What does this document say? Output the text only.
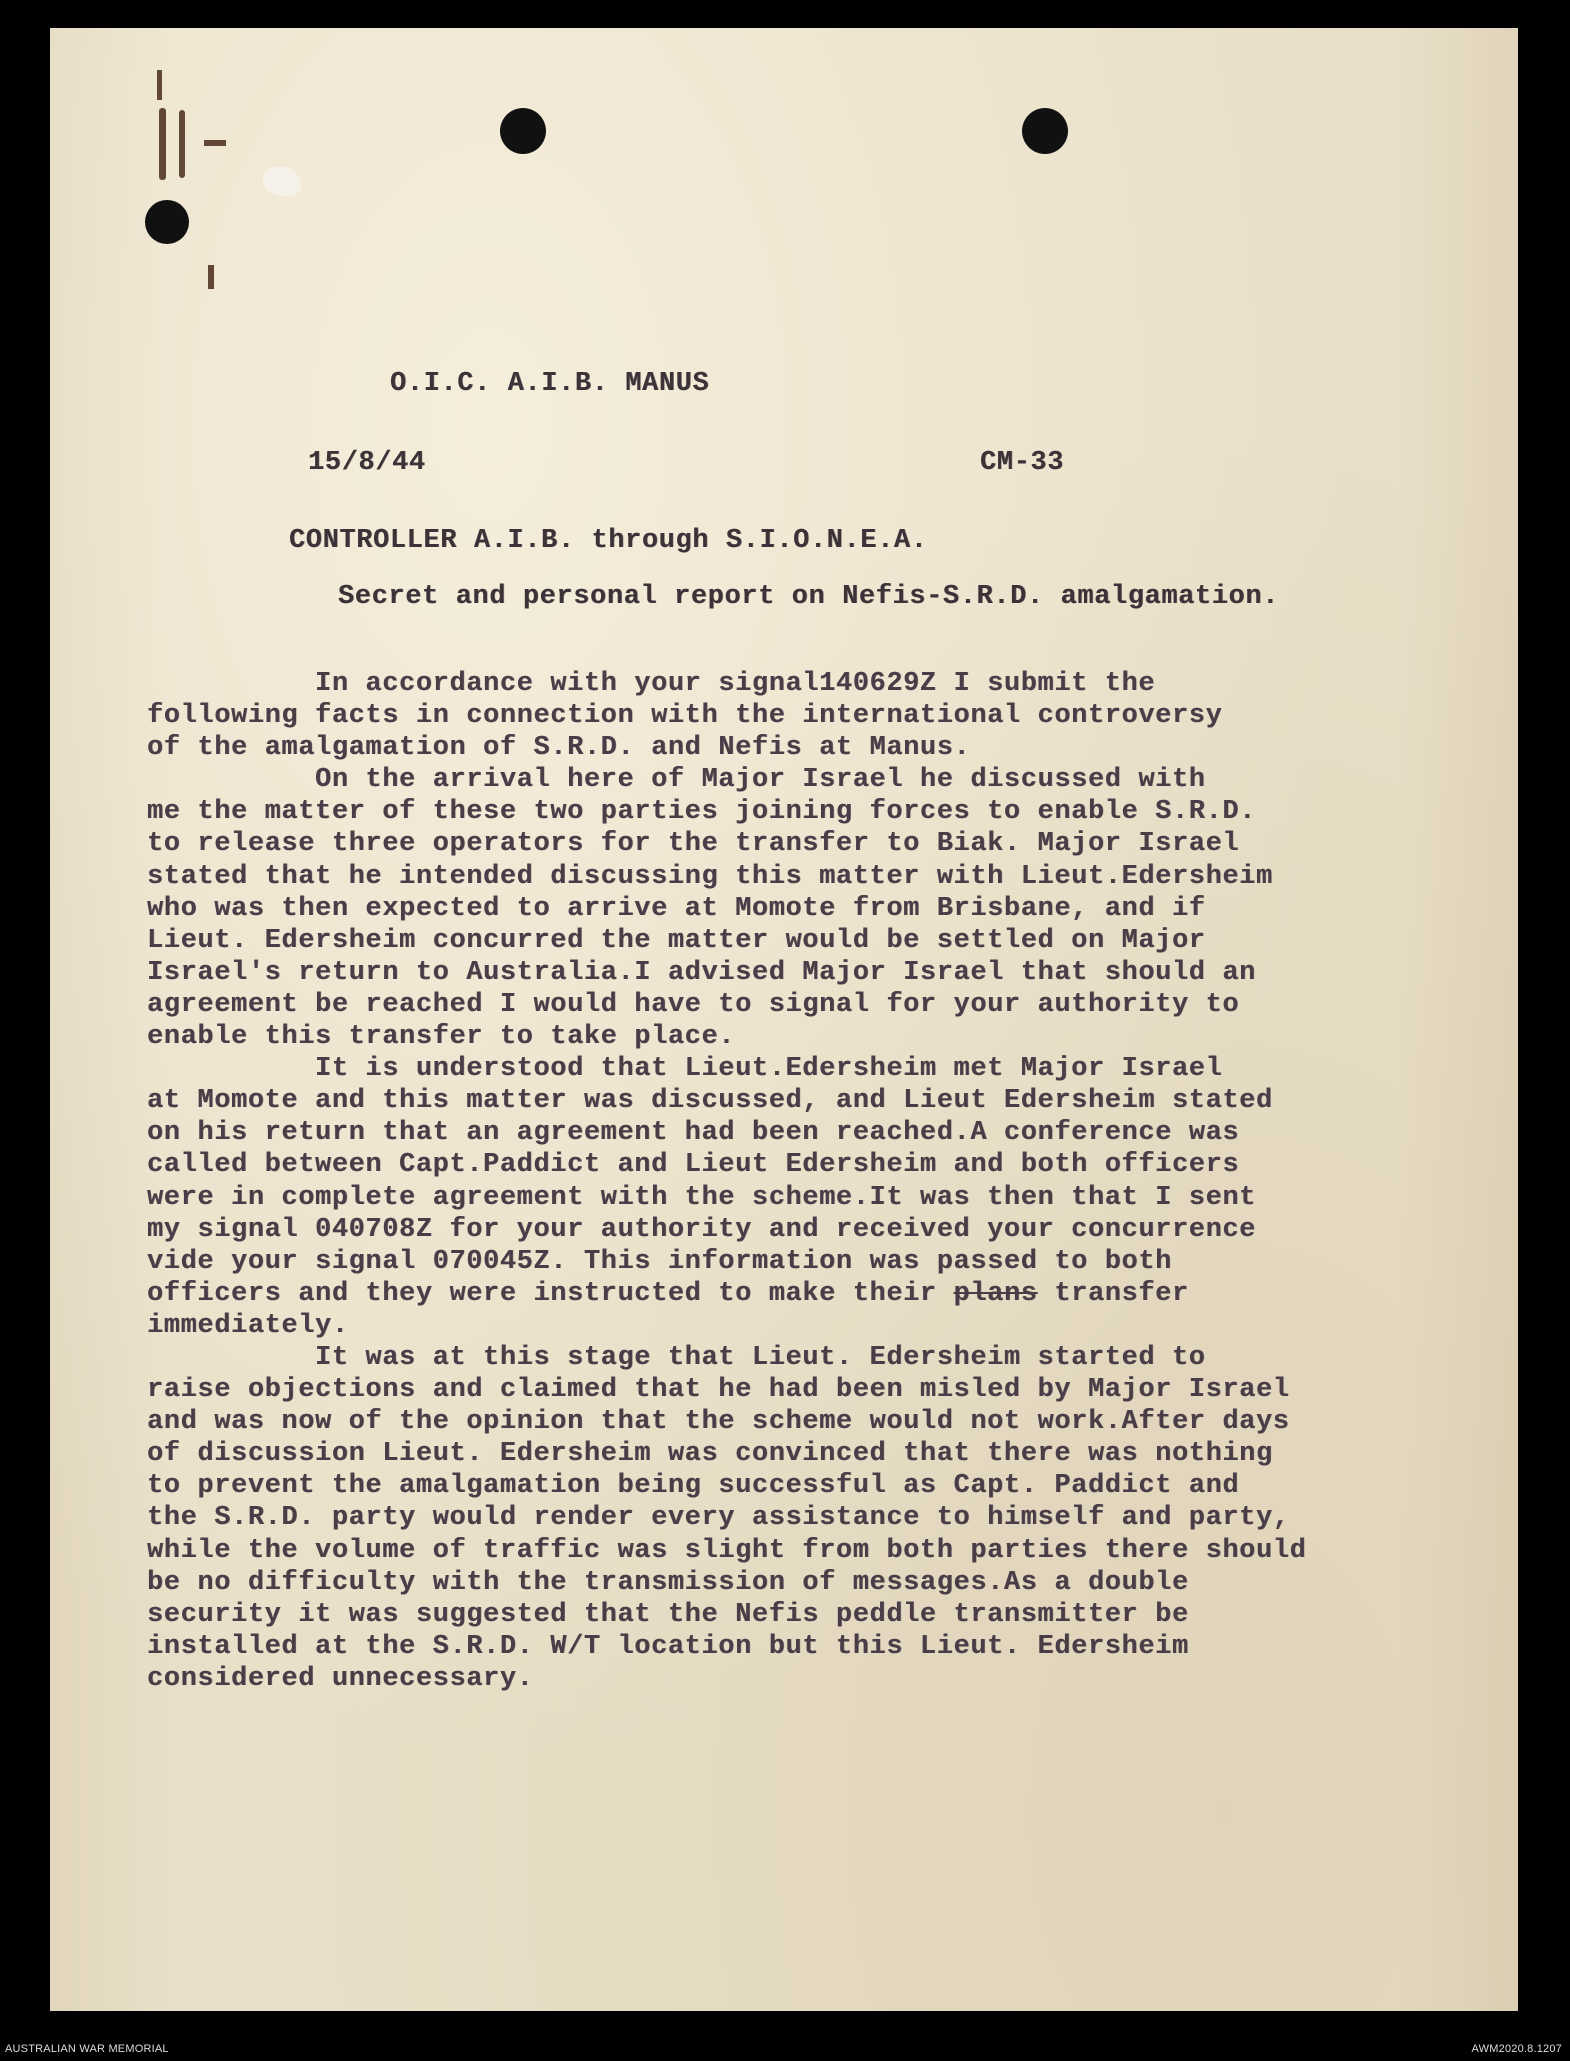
O.I.C. A.I.B. MANUS
15/8/44	CM-33
CONTROLLER A.I.B. through S.I.O.N.E.A.
Secret and personal report on Nefis-S.R.D. amalgamation.

In accordance with your signal140629Z I submit the

following facts in connection with the international controversy

of the amalgamation of S.R.D. and Nefis at Manus.

On the arrival here of Major Israel he discussed with

me the matter of these two parties joining forces to enable S.R.D.

to release three operators for the transfer to Biak. Major Israel

stated that he intended discussing this matter with Lieut.Edersheim

who was then expected to arrive at Momote from Brisbane, and if

Lieut. Edersheim concurred the matter would be settled on Major

Israel's return to Australia.I advised Major Israel that should an

agreement be reached I would have to signal for your authority to

enable this transfer to take place.

It is understood that Lieut.Edersheim met Major Israel

at Momote and this matter was discussed, and Lieut Edersheim stated

on his return that an agreement had been reached.A conference was

called between Capt.Paddict and Lieut Edersheim and both officers

were in complete agreement with the scheme.It was then that I sent

my signal 040708Z for your authority and received your concurrence

vide your signal 070045Z. This information was passed to both

officers and they were instructed to make their plans transfer

immediately.

It was at this stage that Lieut. Edersheim started to

raise objections and claimed that he had been misled by Major Israel

and was now of the opinion that the scheme would not work.After days

of discussion Lieut. Edersheim was convinced that there was nothing

to prevent the amalgamation being successful as Capt. Paddict and

the S.R.D. party would render every assistance to himself and party,

while the volume of traffic was slight from both parties there should

be no difficulty with the transmission of messages.As a double

security it was suggested that the Nefis peddle transmitter be

installed at the S.R.D. W/T location but this Lieut. Edersheim

considered unnecessary.

AUSTRALIAN WAR MEMORIAL	AWM2020.8.1207
